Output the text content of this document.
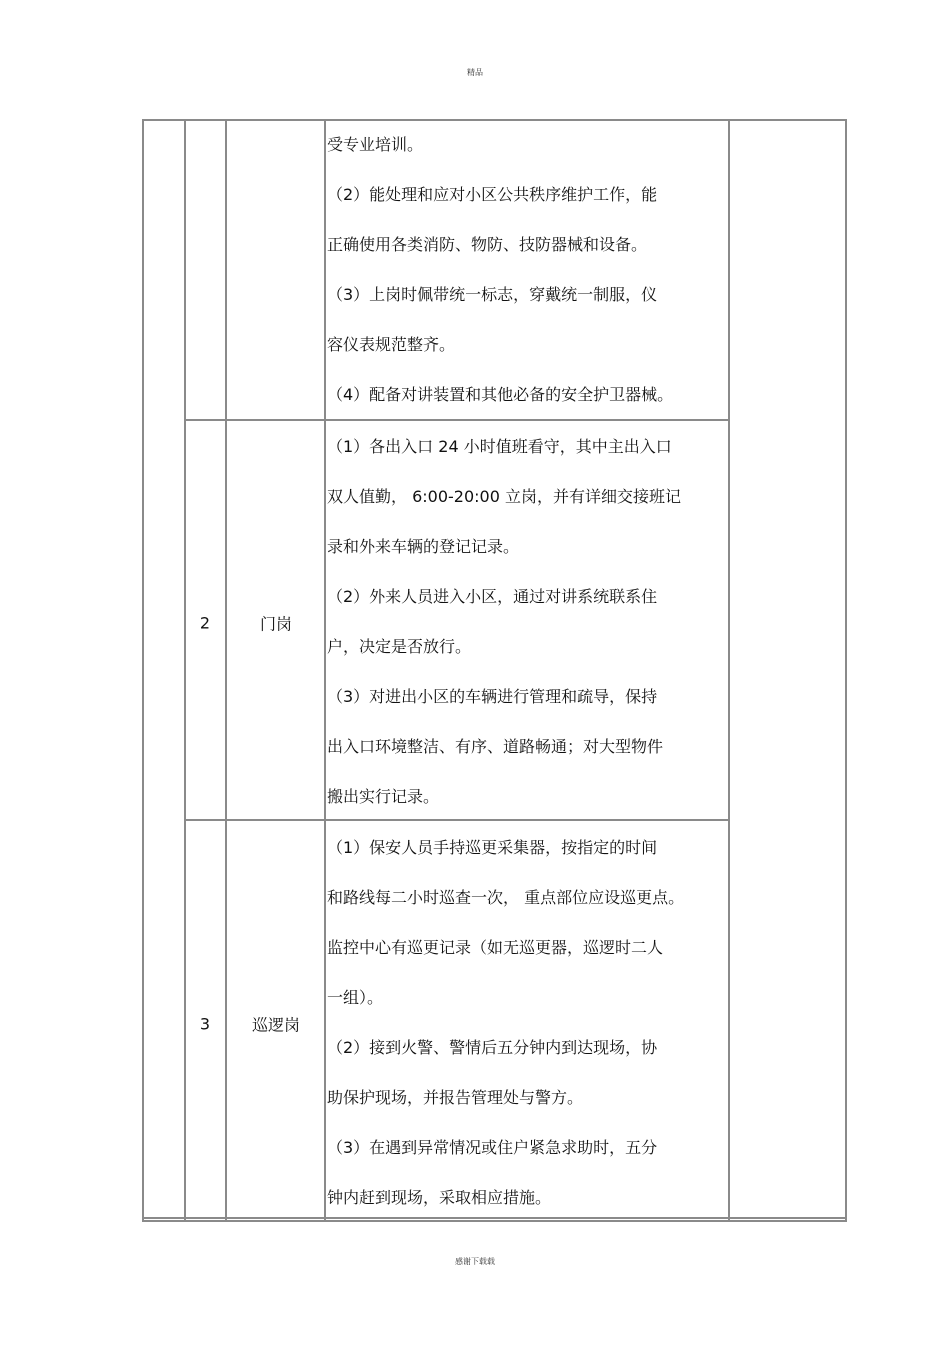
精品
受专业培训。
（2）能处理和应对小区公共秩序维护工作，能
正确使用各类消防、物防、技防器械和设备。
（3）上岗时佩带统一标志，穿戴统一制服，仪
容仪表规范整齐。
（4）配备对讲装置和其他必备的安全护卫器械。
2	门岗
（1）各出入口 24 小时值班看守，其中主出入口
双人值勤， 6:00-20:00 立岗，并有详细交接班记
录和外来车辆的登记记录。
（2）外来人员进入小区，通过对讲系统联系住
户，决定是否放行。
（3）对进出小区的车辆进行管理和疏导，保持
出入口环境整洁、有序、道路畅通；对大型物件
搬出实行记录。
3	巡逻岗
（1）保安人员手持巡更采集器，按指定的时间
和路线每二小时巡查一次， 重点部位应设巡更点。
监控中心有巡更记录（如无巡更器，巡逻时二人
一组）。
（2）接到火警、警情后五分钟内到达现场，协
助保护现场，并报告管理处与警方。
（3）在遇到异常情况或住户紧急求助时，五分
钟内赶到现场，采取相应措施。
感谢下载载
